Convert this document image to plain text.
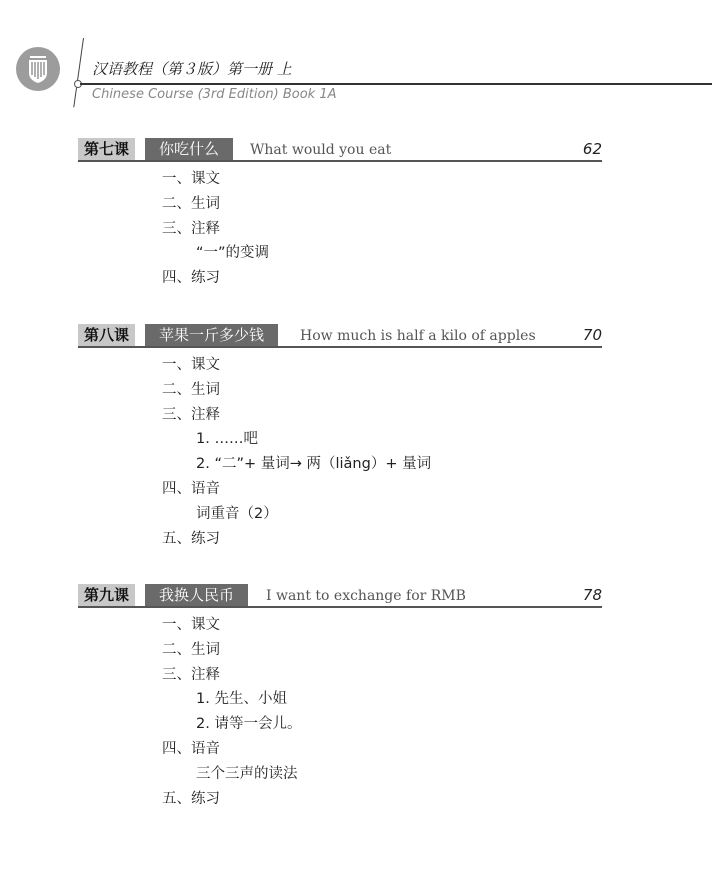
汉语教程（第３版）第一册 上
Chinese Course (3rd Edition) Book 1A
第七课	你吃什么	What would you eat	62
一、课文
二、生词
三、注释
“一”的变调
四、练习
第八课	苹果一斤多少钱	How much is half a kilo of apples	70
一、课文
二、生词
三、注释
1. ……吧
2. “二”+ 量词→ 两（liǎng）+ 量词
四、语音
词重音（2）
五、练习
第九课	我换人民币	I want to exchange for RMB	78
一、课文
二、生词
三、注释
1. 先生、小姐
2. 请等一会儿。
四、语音
三个三声的读法
五、练习
